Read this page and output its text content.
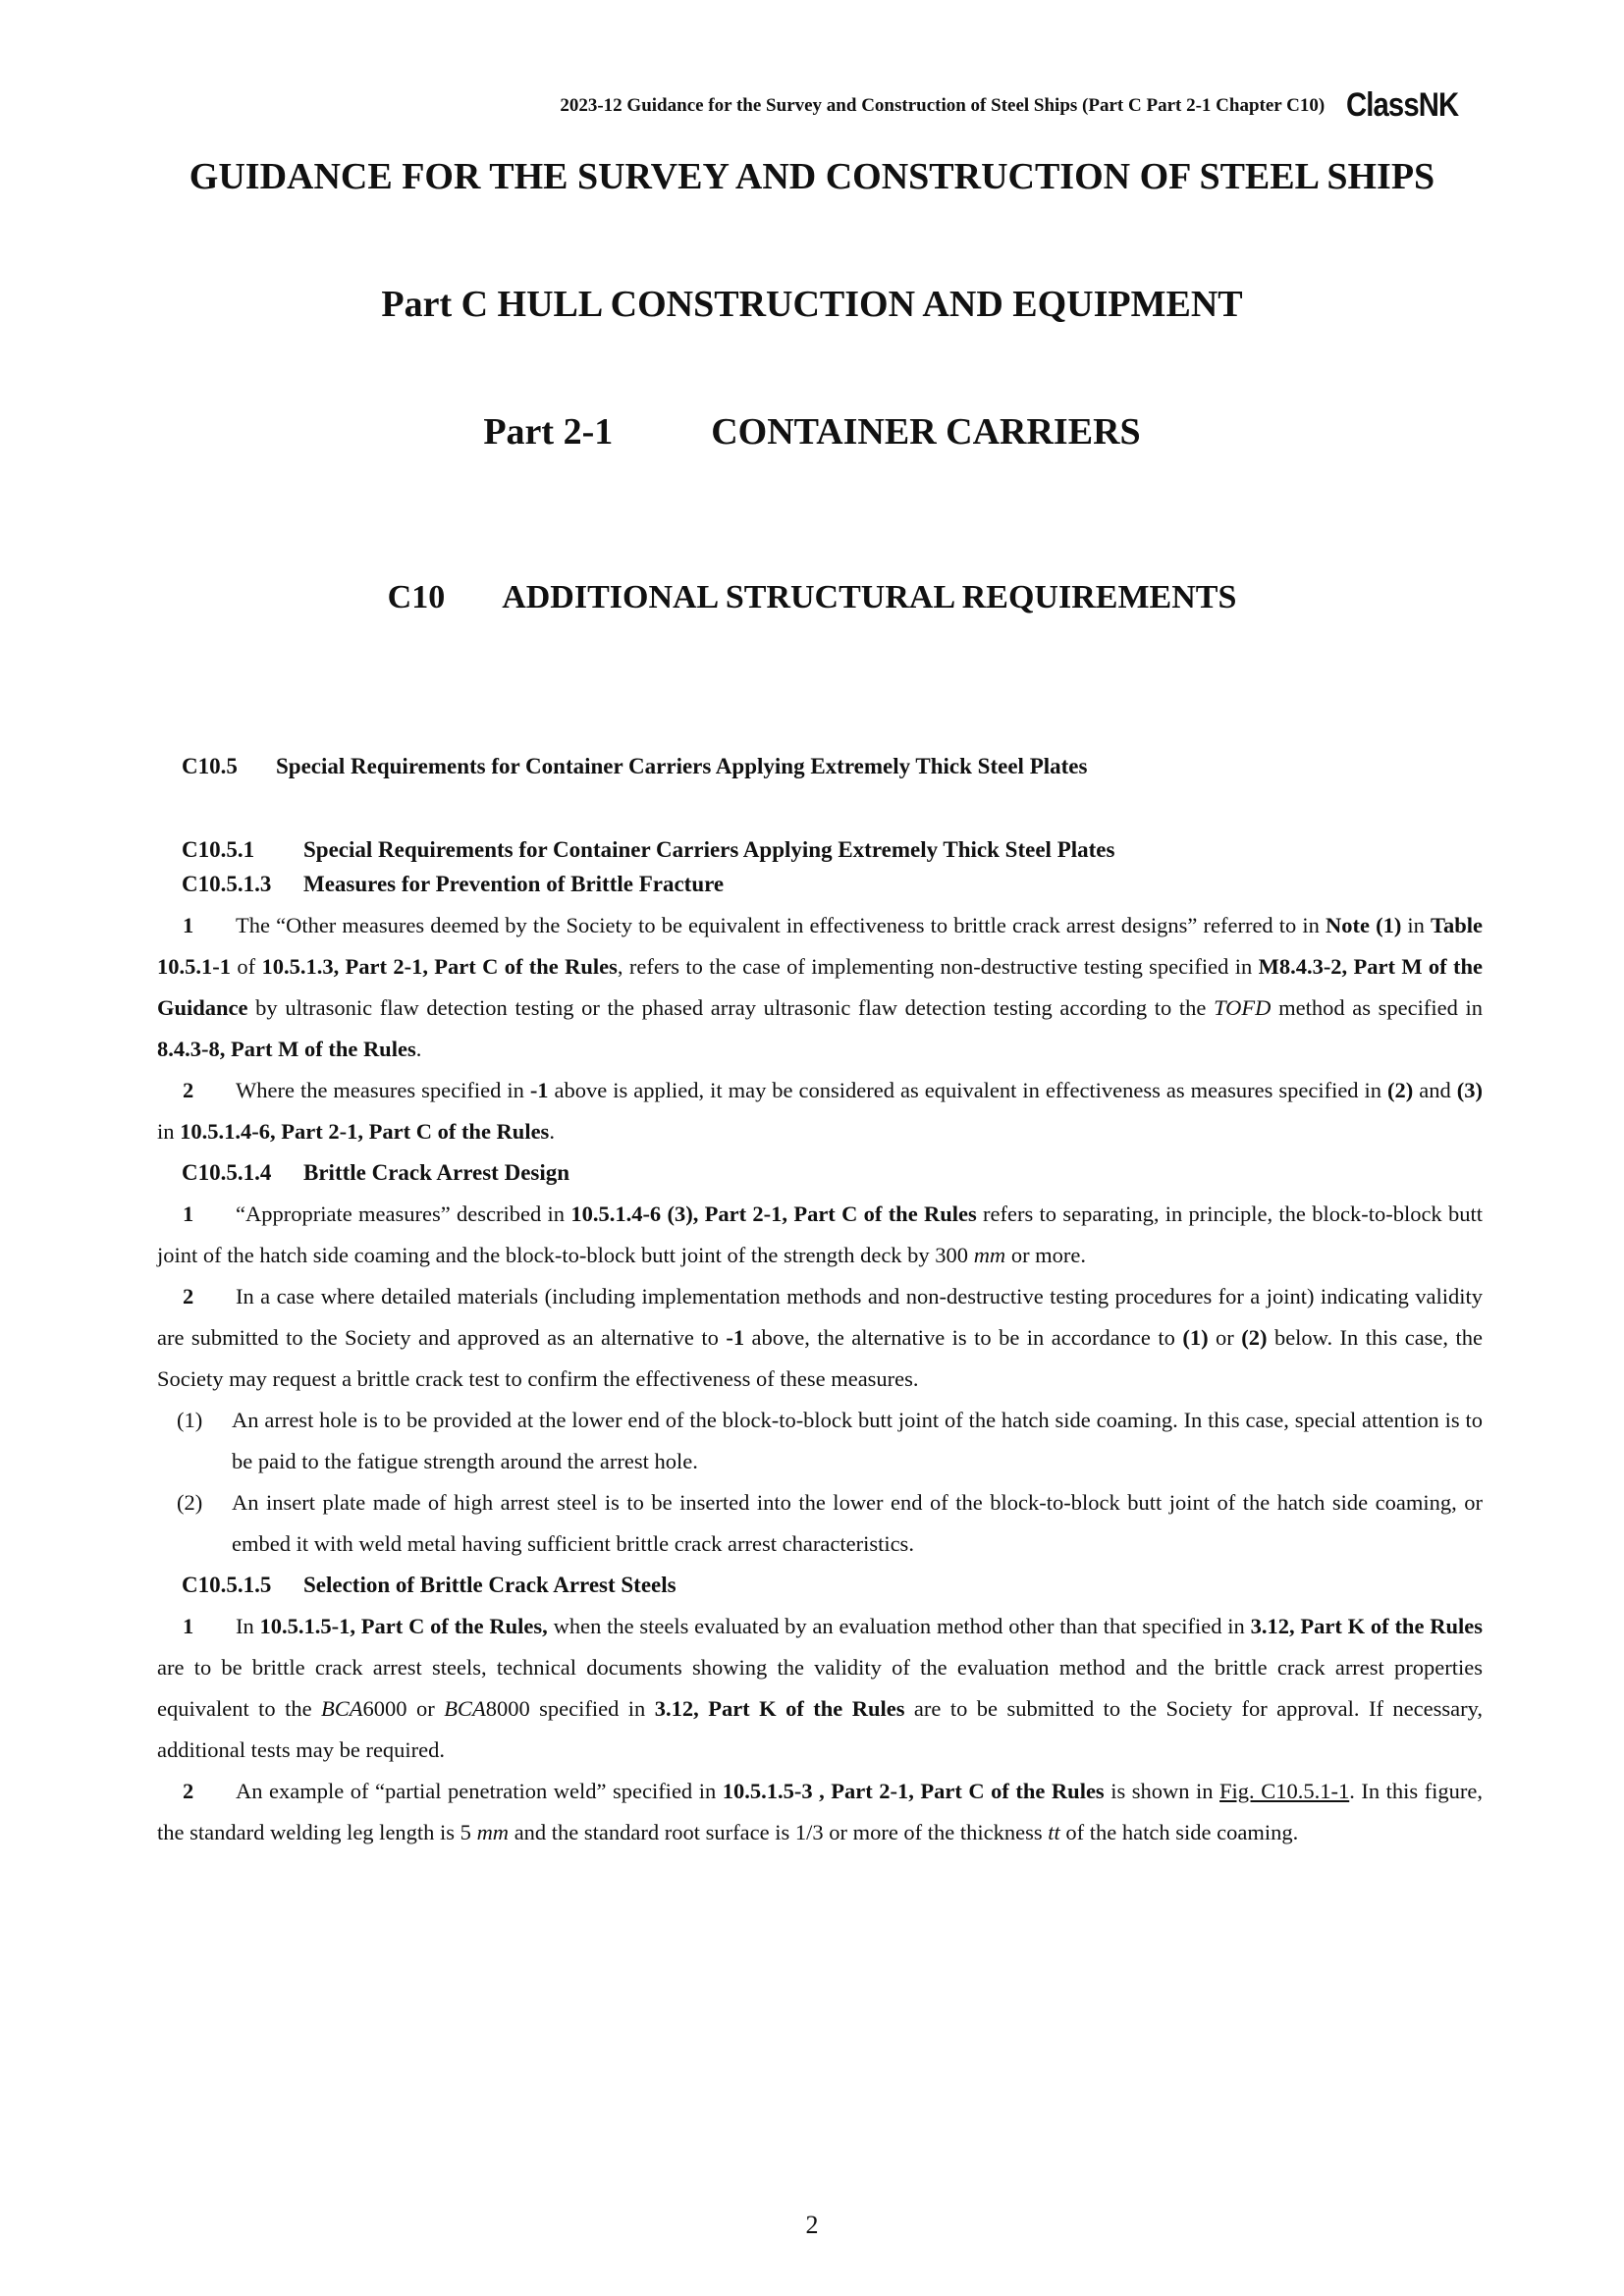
2023-12 Guidance for the Survey and Construction of Steel Ships (Part C Part 2-1 Chapter C10) ClassNK
GUIDANCE FOR THE SURVEY AND CONSTRUCTION OF STEEL SHIPS
Part C HULL CONSTRUCTION AND EQUIPMENT
Part 2-1	CONTAINER CARRIERS
C10 ADDITIONAL STRUCTURAL REQUIREMENTS
C10.5 Special Requirements for Container Carriers Applying Extremely Thick Steel Plates
C10.5.1 Special Requirements for Container Carriers Applying Extremely Thick Steel Plates
C10.5.1.3 Measures for Prevention of Brittle Fracture

1 The “Other measures deemed by the Society to be equivalent in effectiveness to brittle crack arrest designs” referred to in Note (1) in Table 10.5.1-1 of 10.5.1.3, Part 2-1, Part C of the Rules, refers to the case of implementing non-destructive testing specified in M8.4.3-2, Part M of the Guidance by ultrasonic flaw detection testing or the phased array ultrasonic flaw detection testing according to the TOFD method as specified in 8.4.3-8, Part M of the Rules.

2 Where the measures specified in -1 above is applied, it may be considered as equivalent in effectiveness as measures specified in (2) and (3) in 10.5.1.4-6, Part 2-1, Part C of the Rules.

C10.5.1.4 Brittle Crack Arrest Design

1 “Appropriate measures” described in 10.5.1.4-6 (3), Part 2-1, Part C of the Rules refers to separating, in principle, the block-to-block butt joint of the hatch side coaming and the block-to-block butt joint of the strength deck by 300 mm or more.

2 In a case where detailed materials (including implementation methods and non-destructive testing procedures for a joint) indicating validity are submitted to the Society and approved as an alternative to -1 above, the alternative is to be in accordance to (1) or (2) below. In this case, the Society may request a brittle crack test to confirm the effectiveness of these measures.

(1)	An arrest hole is to be provided at the lower end of the block-to-block butt joint of the hatch side coaming. In this case, special attention is to be paid to the fatigue strength around the arrest hole.
(2)	An insert plate made of high arrest steel is to be inserted into the lower end of the block-to-block butt joint of the hatch side coaming, or embed it with weld metal having sufficient brittle crack arrest characteristics.
C10.5.1.5 Selection of Brittle Crack Arrest Steels

1 In 10.5.1.5-1, Part C of the Rules, when the steels evaluated by an evaluation method other than that specified in 3.12, Part K of the Rules are to be brittle crack arrest steels, technical documents showing the validity of the evaluation method and the brittle crack arrest properties equivalent to the BCA6000 or BCA8000 specified in 3.12, Part K of the Rules are to be submitted to the Society for approval. If necessary, additional tests may be required.

2 An example of “partial penetration weld” specified in 10.5.1.5-3 , Part 2-1, Part C of the Rules is shown in Fig. C10.5.1-1. In this figure, the standard welding leg length is 5 mm and the standard root surface is 1/3 or more of the thickness tt of the hatch side coaming.

2
